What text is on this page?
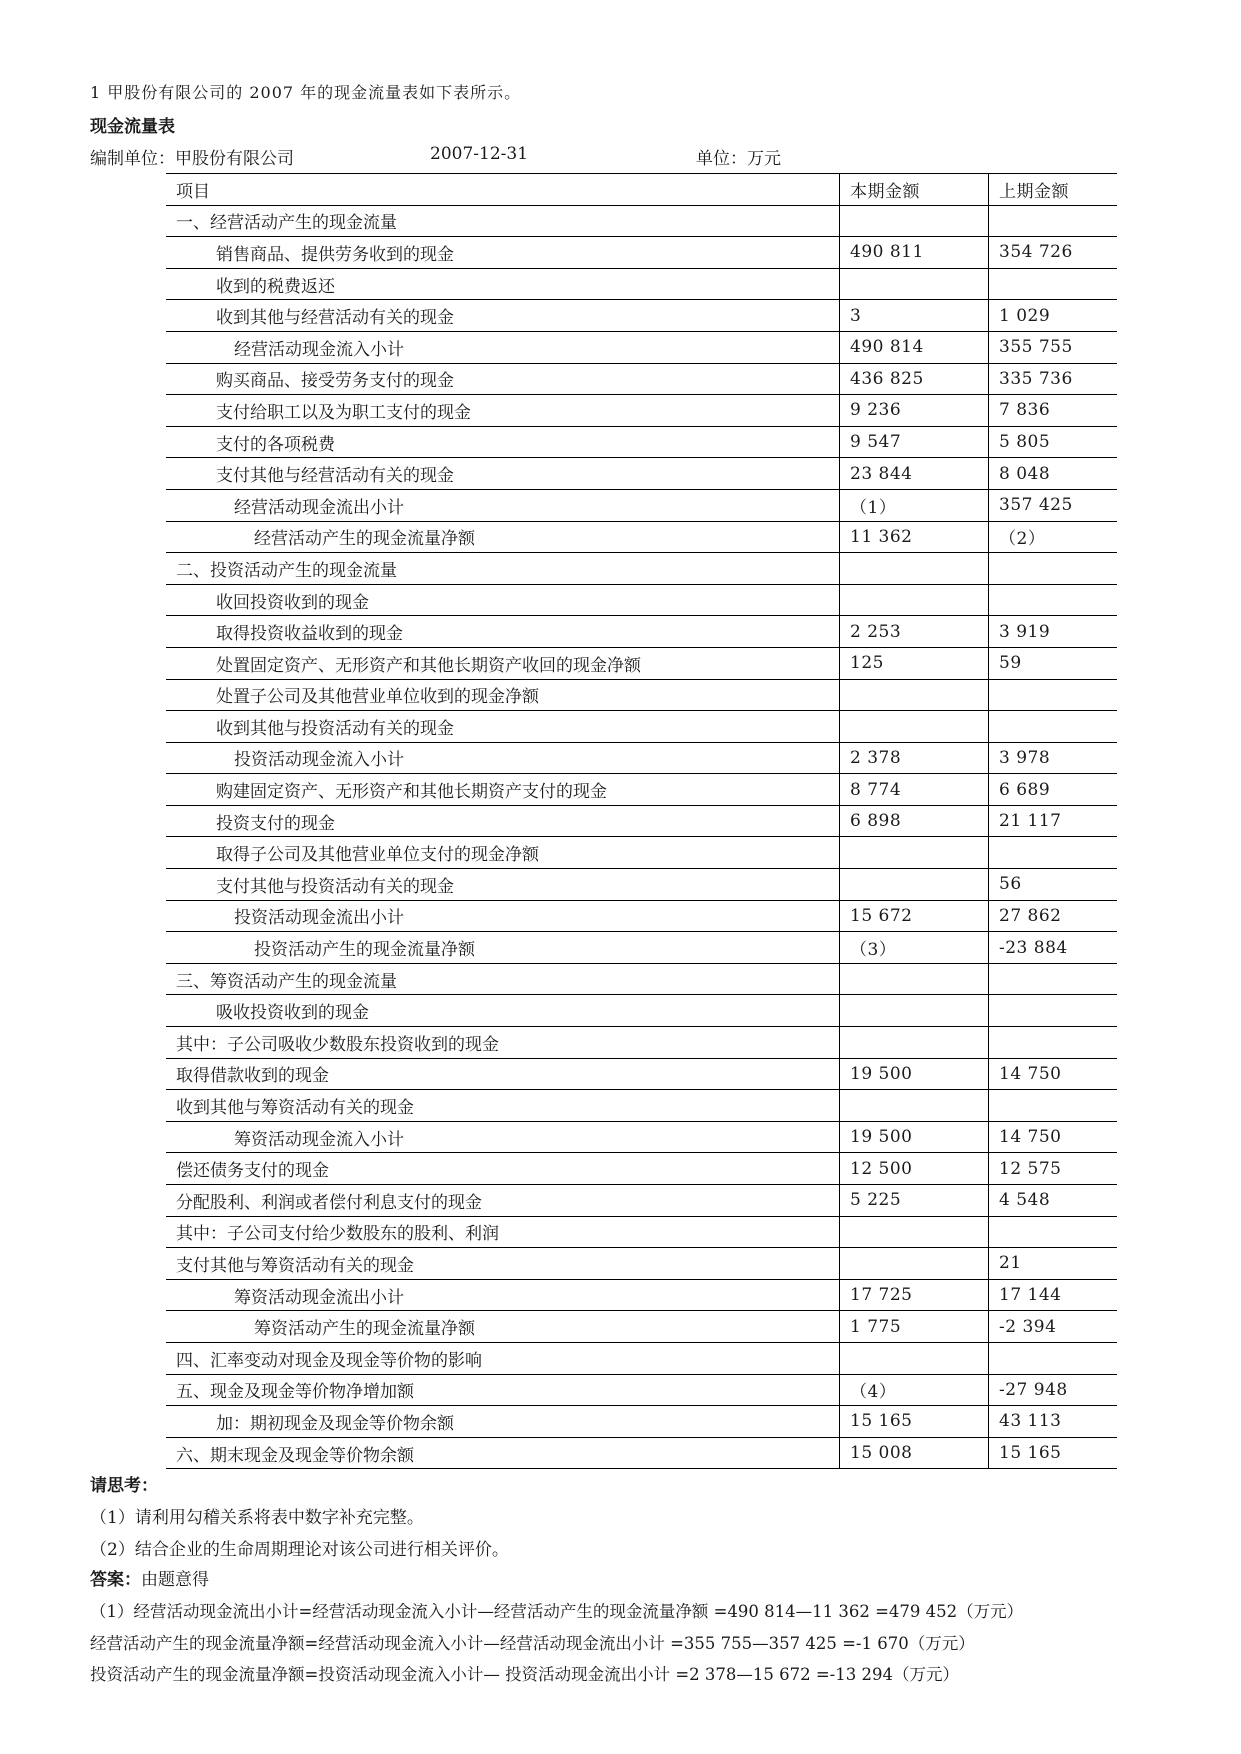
1 甲股份有限公司的 2007 年的现金流量表如下表所示。
现金流量表
编制单位：甲股份有限公司	2007-12-31	单位：万元
项目	本期金额	上期金额
一、经营活动产生的现金流量		
销售商品、提供劳务收到的现金	490 811	354 726
收到的税费返还		
收到其他与经营活动有关的现金	3	1 029
经营活动现金流入小计	490 814	355 755
购买商品、接受劳务支付的现金	436 825	335 736
支付给职工以及为职工支付的现金	9 236	7 836
支付的各项税费	9 547	5 805
支付其他与经营活动有关的现金	23 844	8 048
经营活动现金流出小计	（1）	357 425
经营活动产生的现金流量净额	11 362	（2）
二、投资活动产生的现金流量		
收回投资收到的现金		
取得投资收益收到的现金	2 253	3 919
处置固定资产、无形资产和其他长期资产收回的现金净额	125	59
处置子公司及其他营业单位收到的现金净额		
收到其他与投资活动有关的现金		
投资活动现金流入小计	2 378	3 978
购建固定资产、无形资产和其他长期资产支付的现金	8 774	6 689
投资支付的现金	6 898	21 117
取得子公司及其他营业单位支付的现金净额		
支付其他与投资活动有关的现金		56
投资活动现金流出小计	15 672	27 862
投资活动产生的现金流量净额	（3）	-23 884
三、筹资活动产生的现金流量		
吸收投资收到的现金		
其中：子公司吸收少数股东投资收到的现金		
取得借款收到的现金	19 500	14 750
收到其他与筹资活动有关的现金		
筹资活动现金流入小计	19 500	14 750
偿还债务支付的现金	12 500	12 575
分配股利、利润或者偿付利息支付的现金	5 225	4 548
其中：子公司支付给少数股东的股利、利润		
支付其他与筹资活动有关的现金		21
筹资活动现金流出小计	17 725	17 144
筹资活动产生的现金流量净额	1 775	-2 394
四、汇率变动对现金及现金等价物的影响		
五、现金及现金等价物净增加额	（4）	-27 948
加：期初现金及现金等价物余额	15 165	43 113
六、期末现金及现金等价物余额	15 008	15 165
请思考：
（1）请利用勾稽关系将表中数字补充完整。
（2）结合企业的生命周期理论对该公司进行相关评价。
答案：由题意得
（1）经营活动现金流出小计=经营活动现金流入小计—经营活动产生的现金流量净额 =490 814—11 362 =479 452（万元）
经营活动产生的现金流量净额=经营活动现金流入小计—经营活动现金流出小计 =355 755—357 425 =-1 670（万元）
投资活动产生的现金流量净额=投资活动现金流入小计— 投资活动现金流出小计 =2 378—15 672 =-13 294（万元）
